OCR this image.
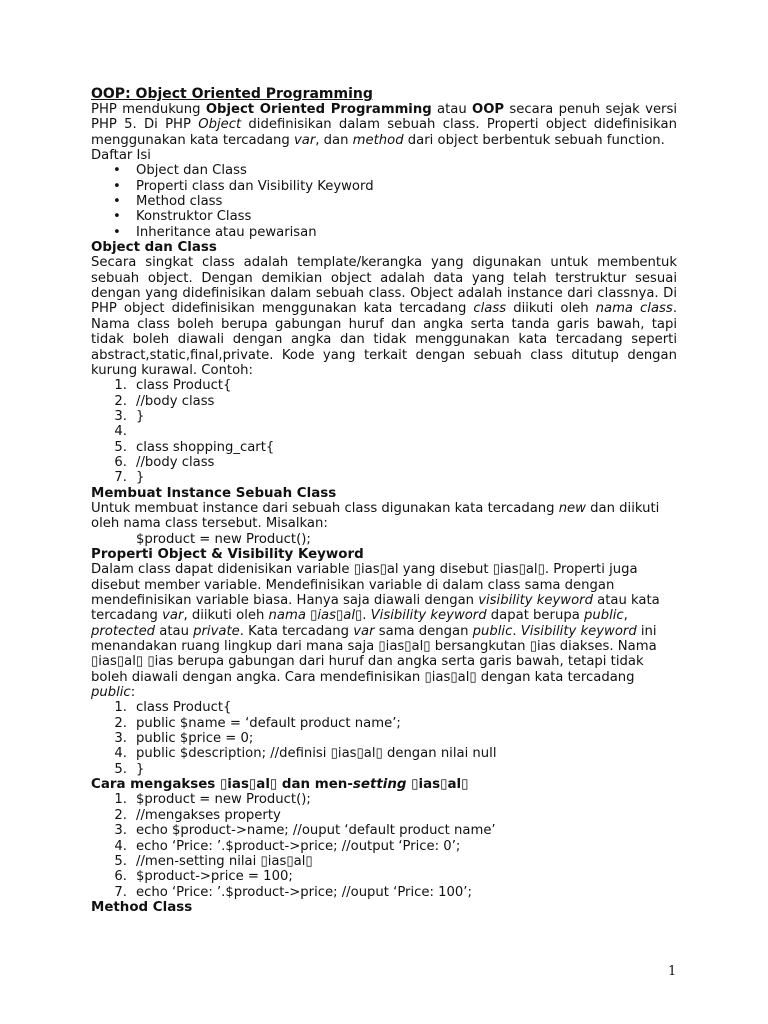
OOP: Object Oriented Programming
PHP mendukung Object Oriented Programming atau OOP secara penuh sejak versi PHP 5. Di PHP Object didefinisikan dalam sebuah class. Properti object didefinisikan menggunakan kata tercadang var, dan method dari object berbentuk sebuah function.
Daftar Isi
• Object dan Class
• Properti class dan Visibility Keyword
• Method class
• Konstruktor Class
• Inheritance atau pewarisan
Object dan Class
Secara singkat class adalah template/kerangka yang digunakan untuk membentuk sebuah object. Dengan demikian object adalah data yang telah terstruktur sesuai dengan yang didefinisikan dalam sebuah class. Object adalah instance dari classnya. Di PHP object didefinisikan menggunakan kata tercadang class diikuti oleh nama class. Nama class boleh berupa gabungan huruf dan angka serta tanda garis bawah, tapi tidak boleh diawali dengan angka dan tidak menggunakan kata tercadang seperti abstract,static,final,private. Kode yang terkait dengan sebuah class ditutup dengan kurung kurawal. Contoh:
1. class Product{
2. //body class
3. }
4.
5. class shopping_cart{
6. //body class
7. }
Membuat Instance Sebuah Class
Untuk membuat instance dari sebuah class digunakan kata tercadang new dan diikuti oleh nama class tersebut. Misalkan:
$product = new Product();
Properti Object & Visibility Keyword
Dalam class dapat didenisikan variable ▯ias▯al yang disebut ▯ias▯al▯. Properti juga disebut member variable. Mendefinisikan variable di dalam class sama dengan mendefinisikan variable biasa. Hanya saja diawali dengan visibility keyword atau kata tercadang var, diikuti oleh nama ▯ias▯al▯. Visibility keyword dapat berupa public, protected atau private. Kata tercadang var sama dengan public. Visibility keyword ini menandakan ruang lingkup dari mana saja ▯ias▯al▯ bersangkutan ▯ias diakses. Nama ▯ias▯al▯ ▯ias berupa gabungan dari huruf dan angka serta garis bawah, tetapi tidak boleh diawali dengan angka. Cara mendefinisikan ▯ias▯al▯ dengan kata tercadang public:
1. class Product{
2. public $name = ‘default product name’;
3. public $price = 0;
4. public $description; //definisi ▯ias▯al▯ dengan nilai null
5. }
Cara mengakses ▯ias▯al▯ dan men-setting ▯ias▯al▯
1. $product = new Product();
2. //mengakses property
3. echo $product->name; //ouput ‘default product name’
4. echo ‘Price: ’.$product->price; //output ‘Price: 0’;
5. //men-setting nilai ▯ias▯al▯
6. $product->price = 100;
7. echo ‘Price: ’.$product->price; //ouput ‘Price: 100’;
Method Class
1
